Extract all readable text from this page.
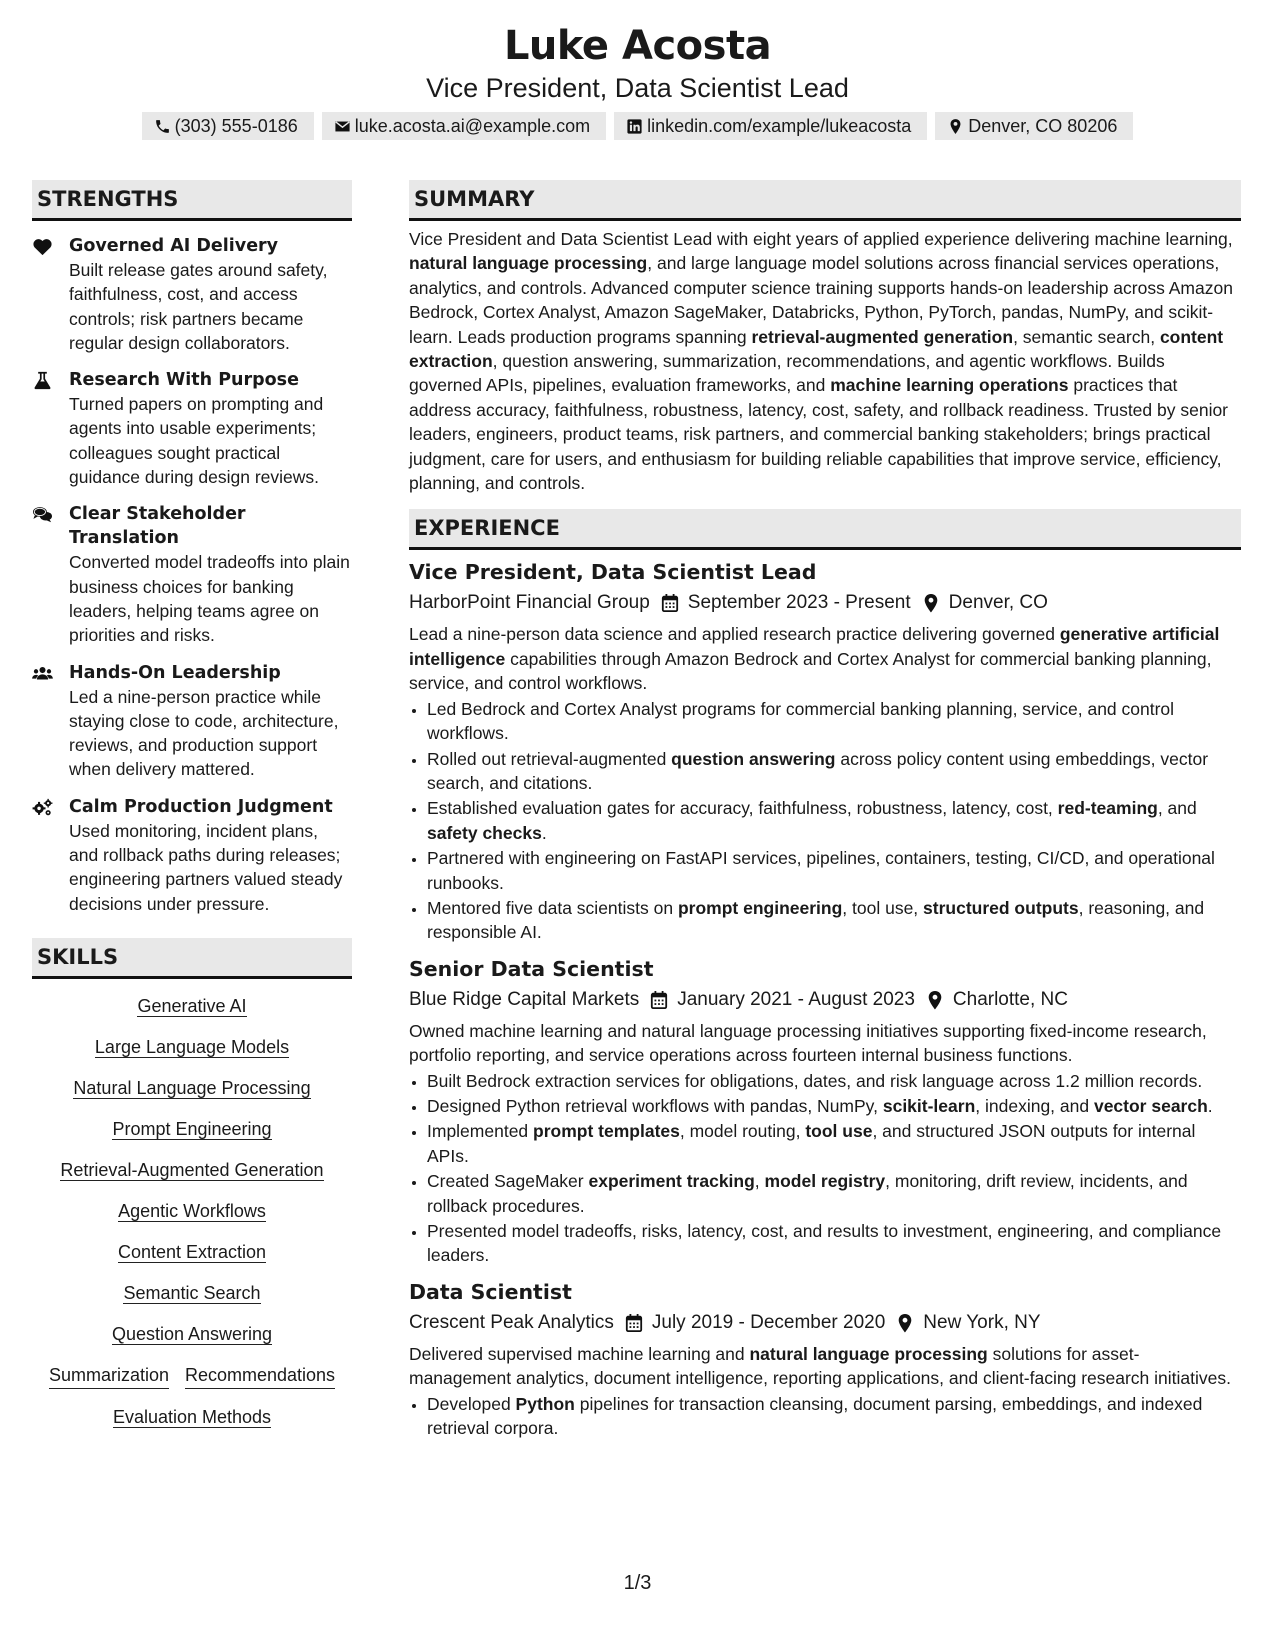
Luke Acosta
Vice President, Data Scientist Lead
(303) 555-0186	luke.acosta.ai@example.com	linkedin.com/example/lukeacosta	Denver, CO 80206
STRENGTHS
Governed AI Delivery
Built release gates around safety, faithfulness, cost, and access controls; risk partners became regular design collaborators.
Research With Purpose
Turned papers on prompting and agents into usable experiments; colleagues sought practical guidance during design reviews.
Clear Stakeholder Translation
Converted model tradeoffs into plain business choices for banking leaders, helping teams agree on priorities and risks.
Hands-On Leadership
Led a nine-person practice while staying close to code, architecture, reviews, and production support when delivery mattered.
Calm Production Judgment
Used monitoring, incident plans, and rollback paths during releases; engineering partners valued steady decisions under pressure.
SKILLS
Generative AI
Large Language Models
Natural Language Processing
Prompt Engineering
Retrieval-Augmented Generation
Agentic Workflows
Content Extraction
Semantic Search
Question Answering
Summarization Recommendations
Evaluation Methods
SUMMARY
Vice President and Data Scientist Lead with eight years of applied experience delivering machine learning, natural language processing, and large language model solutions across financial services operations, analytics, and controls. Advanced computer science training supports hands-on leadership across Amazon Bedrock, Cortex Analyst, Amazon SageMaker, Databricks, Python, PyTorch, pandas, NumPy, and scikit-learn. Leads production programs spanning retrieval-augmented generation, semantic search, content extraction, question answering, summarization, recommendations, and agentic workflows. Builds governed APIs, pipelines, evaluation frameworks, and machine learning operations practices that address accuracy, faithfulness, robustness, latency, cost, safety, and rollback readiness. Trusted by senior leaders, engineers, product teams, risk partners, and commercial banking stakeholders; brings practical judgment, care for users, and enthusiasm for building reliable capabilities that improve service, efficiency, planning, and controls.
EXPERIENCE
Vice President, Data Scientist Lead
HarborPoint Financial Group September 2023 - Present Denver, CO
Lead a nine-person data science and applied research practice delivering governed generative artificial intelligence capabilities through Amazon Bedrock and Cortex Analyst for commercial banking planning, service, and control workflows.
• Led Bedrock and Cortex Analyst programs for commercial banking planning, service, and control workflows.
• Rolled out retrieval-augmented question answering across policy content using embeddings, vector search, and citations.
• Established evaluation gates for accuracy, faithfulness, robustness, latency, cost, red-teaming, and safety checks.
• Partnered with engineering on FastAPI services, pipelines, containers, testing, CI/CD, and operational runbooks.
• Mentored five data scientists on prompt engineering, tool use, structured outputs, reasoning, and responsible AI.
Senior Data Scientist
Blue Ridge Capital Markets January 2021 - August 2023 Charlotte, NC
Owned machine learning and natural language processing initiatives supporting fixed-income research, portfolio reporting, and service operations across fourteen internal business functions.
• Built Bedrock extraction services for obligations, dates, and risk language across 1.2 million records.
• Designed Python retrieval workflows with pandas, NumPy, scikit-learn, indexing, and vector search.
• Implemented prompt templates, model routing, tool use, and structured JSON outputs for internal APIs.
• Created SageMaker experiment tracking, model registry, monitoring, drift review, incidents, and rollback procedures.
• Presented model tradeoffs, risks, latency, cost, and results to investment, engineering, and compliance leaders.
Data Scientist
Crescent Peak Analytics July 2019 - December 2020 New York, NY
Delivered supervised machine learning and natural language processing solutions for asset-management analytics, document intelligence, reporting applications, and client-facing research initiatives.
• Developed Python pipelines for transaction cleansing, document parsing, embeddings, and indexed retrieval corpora.
1/3
